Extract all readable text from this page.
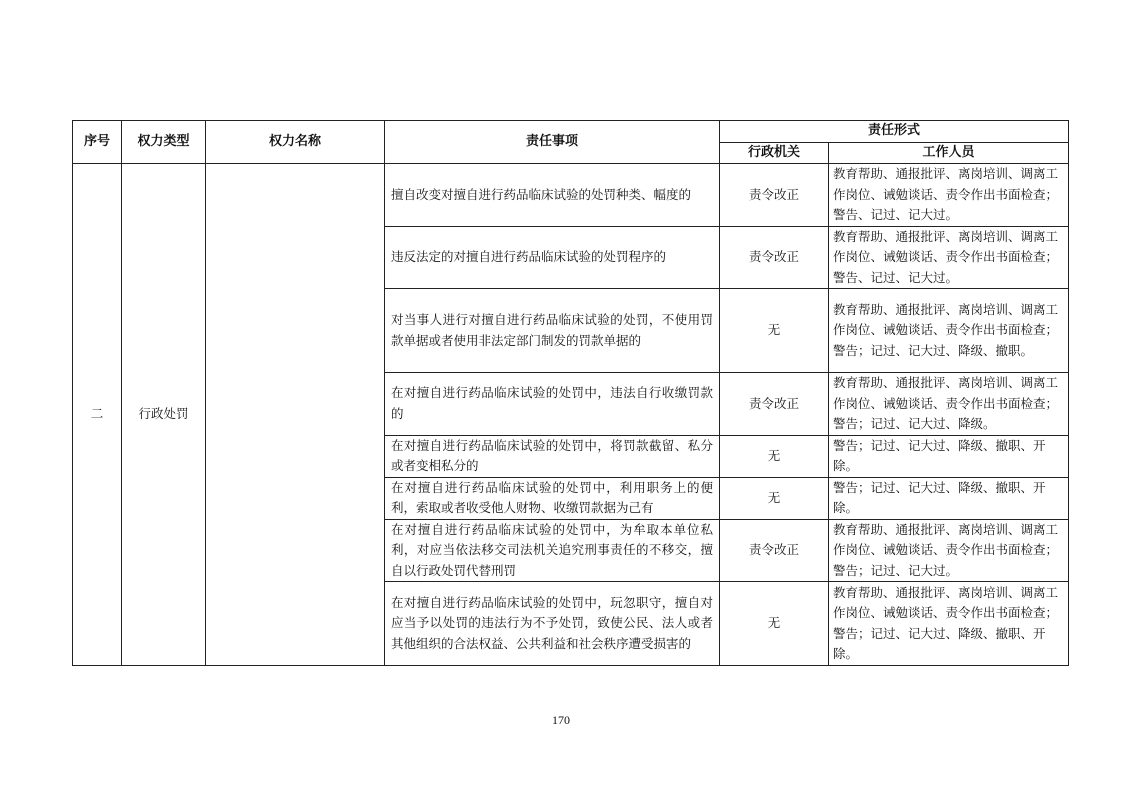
序号	权力类型	权力名称	责任事项	责任形式	
				行政机关	工作人员
二	行政处罚		擅自改变对擅自进行药品临床试验的处罚种类、幅度的	责令改正	教育帮助、通报批评、离岗培训、调离工作岗位、诫勉谈话、责令作出书面检查；警告、记过、记大过。
			违反法定的对擅自进行药品临床试验的处罚程序的	责令改正	教育帮助、通报批评、离岗培训、调离工作岗位、诫勉谈话、责令作出书面检查；警告、记过、记大过。
			对当事人进行对擅自进行药品临床试验的处罚，不使用罚款单据或者使用非法定部门制发的罚款单据的	无	教育帮助、通报批评、离岗培训、调离工作岗位、诫勉谈话、责令作出书面检查；警告；记过、记大过、降级、撤职。
			在对擅自进行药品临床试验的处罚中，违法自行收缴罚款的	责令改正	教育帮助、通报批评、离岗培训、调离工作岗位、诫勉谈话、责令作出书面检查；警告；记过、记大过、降级。
			在对擅自进行药品临床试验的处罚中，将罚款截留、私分或者变相私分的	无	警告；记过、记大过、降级、撤职、开除。
			在对擅自进行药品临床试验的处罚中，利用职务上的便利，索取或者收受他人财物、收缴罚款据为己有	无	警告；记过、记大过、降级、撤职、开除。
			在对擅自进行药品临床试验的处罚中，为牟取本单位私利，对应当依法移交司法机关追究刑事责任的不移交，擅自以行政处罚代替刑罚	责令改正	教育帮助、通报批评、离岗培训、调离工作岗位、诫勉谈话、责令作出书面检查；警告；记过、记大过。
			在对擅自进行药品临床试验的处罚中，玩忽职守，擅自对应当予以处罚的违法行为不予处罚，致使公民、法人或者其他组织的合法权益、公共利益和社会秩序遭受损害的	无	教育帮助、通报批评、离岗培训、调离工作岗位、诫勉谈话、责令作出书面检查；警告；记过、记大过、降级、撤职、开除。
170
